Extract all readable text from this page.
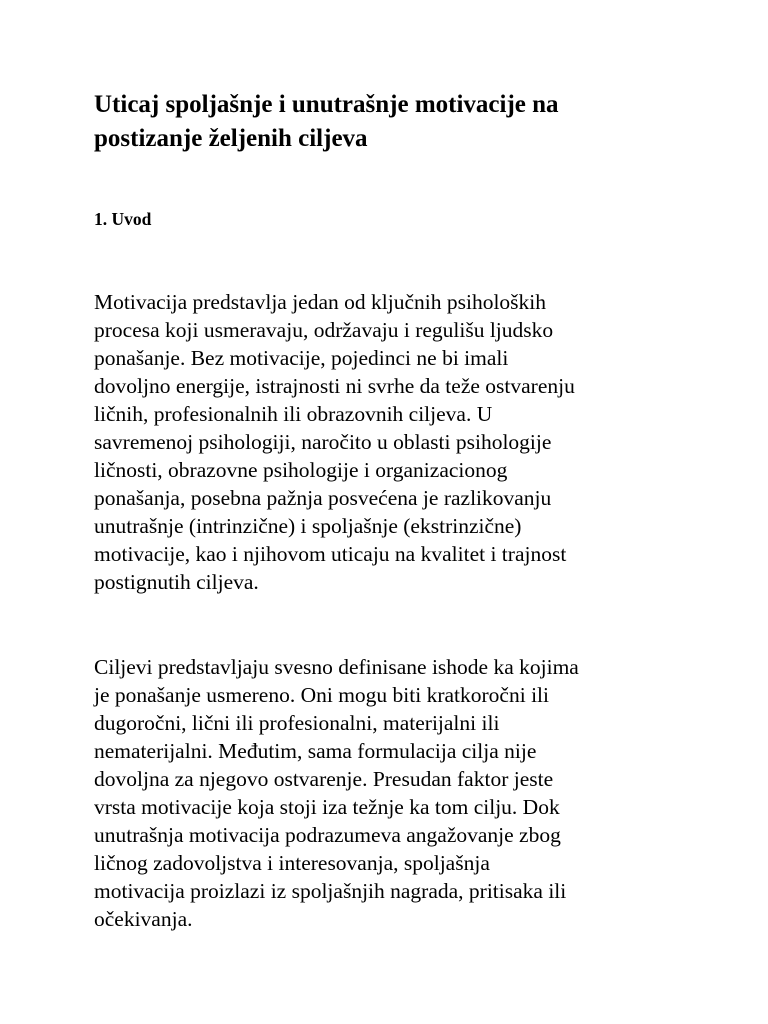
Uticaj spoljašnje i unutrašnje motivacije na
postizanje željenih ciljeva
1. Uvod

Motivacija predstavlja jedan od ključnih psiholoških
procesa koji usmeravaju, održavaju i regulišu ljudsko
ponašanje. Bez motivacije, pojedinci ne bi imali
dovoljno energije, istrajnosti ni svrhe da teže ostvarenju
ličnih, profesionalnih ili obrazovnih ciljeva. U
savremenoj psihologiji, naročito u oblasti psihologije
ličnosti, obrazovne psihologije i organizacionog
ponašanja, posebna pažnja posvećena je razlikovanju
unutrašnje (intrinzične) i spoljašnje (ekstrinzične)
motivacije, kao i njihovom uticaju na kvalitet i trajnost
postignutih ciljeva.

Ciljevi predstavljaju svesno definisane ishode ka kojima
je ponašanje usmereno. Oni mogu biti kratkoročni ili
dugoročni, lični ili profesionalni, materijalni ili
nematerijalni. Međutim, sama formulacija cilja nije
dovoljna za njegovo ostvarenje. Presudan faktor jeste
vrsta motivacije koja stoji iza težnje ka tom cilju. Dok
unutrašnja motivacija podrazumeva angažovanje zbog
ličnog zadovoljstva i interesovanja, spoljašnja
motivacija proizlazi iz spoljašnjih nagrada, pritisaka ili
očekivanja.
